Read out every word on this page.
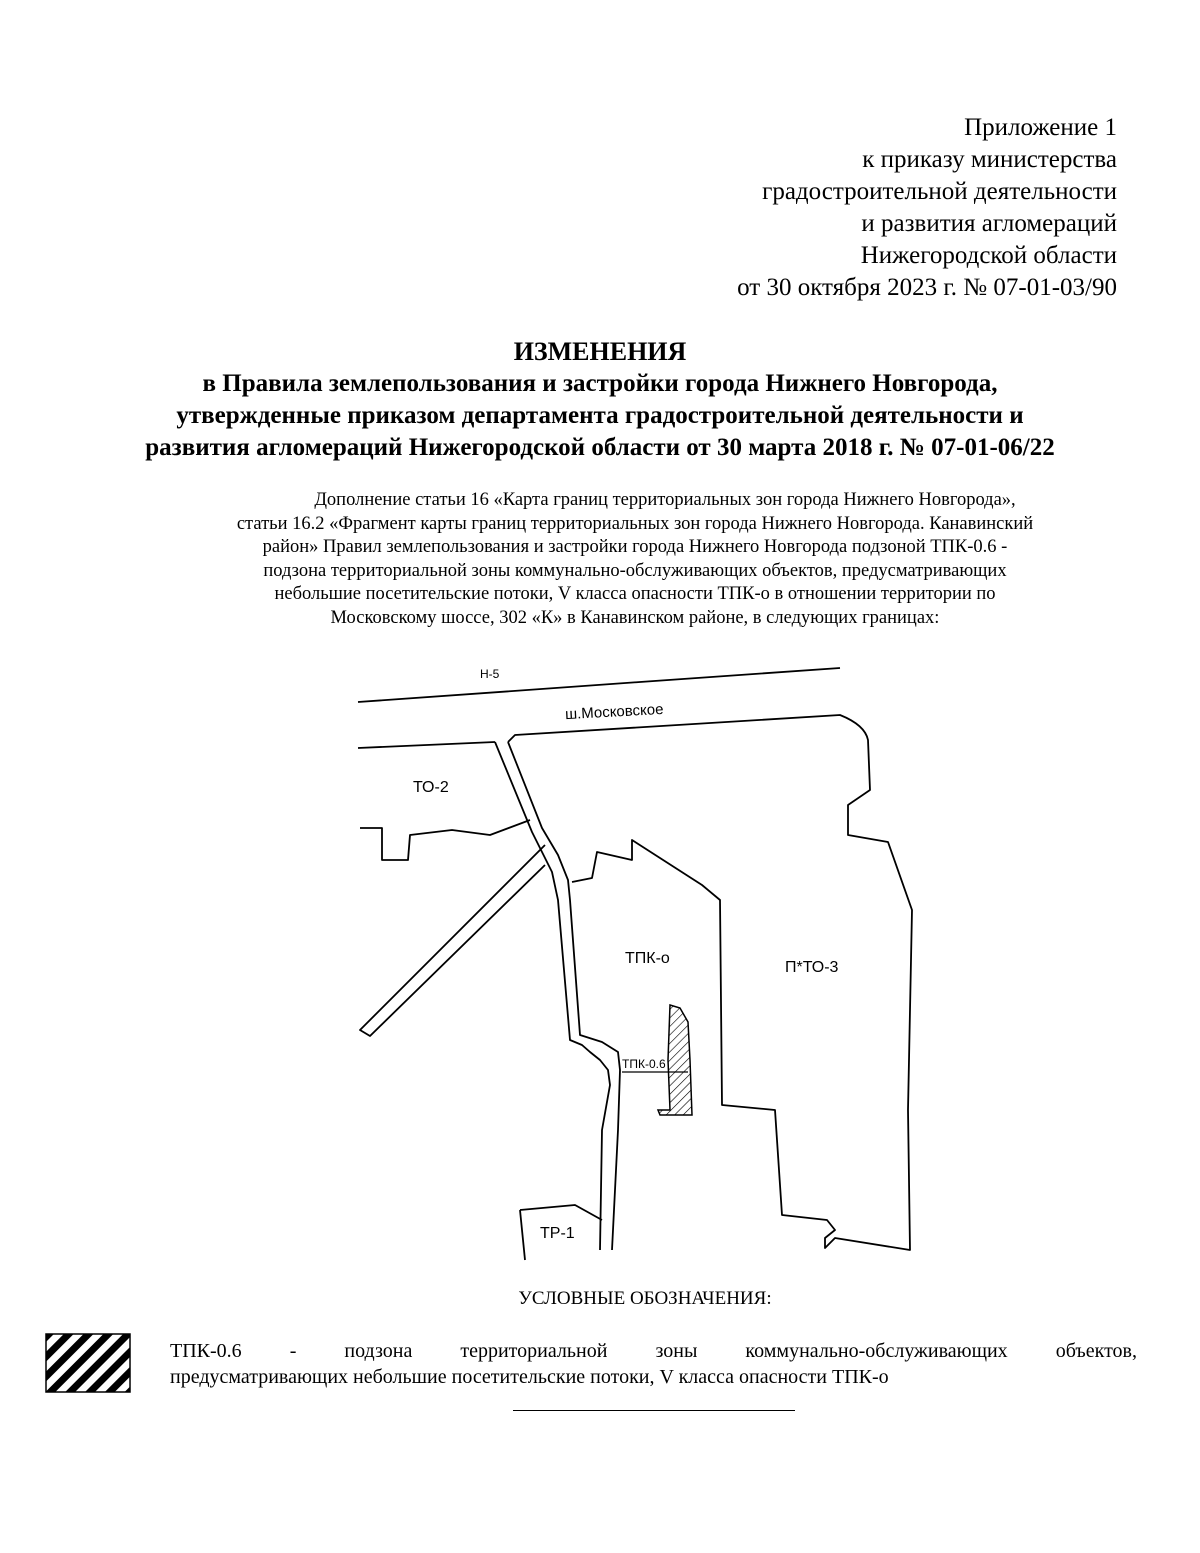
Приложение 1
к приказу министерства
градостроительной деятельности
и развития агломераций
Нижегородской области
от 30 октября 2023 г. № 07-01-03/90
ИЗМЕНЕНИЯ
в Правила землепользования и застройки города Нижнего Новгорода,
утвержденные приказом департамента градостроительной деятельности и
развития агломераций Нижегородской области от 30 марта 2018 г. № 07-01-06/22
Дополнение статьи 16 «Карта границ территориальных зон города Нижнего Новгорода»,
статьи 16.2 «Фрагмент карты границ территориальных зон города Нижнего Новгорода. Канавинский
район» Правил землепользования и застройки города Нижнего Новгорода подзоной ТПК-0.6 -
подзона территориальной зоны коммунально-обслуживающих объектов, предусматривающих
небольшие посетительские потоки, V класса опасности ТПК-о в отношении территории по
Московскому шоссе, 302 «К» в Канавинском районе, в следующих границах:
Н-5
ш.Московское
ТО-2
ТПК-о
П*ТО-3
ТПК-0.6
ТР-1
УСЛОВНЫЕ ОБОЗНАЧЕНИЯ:
ТПК-0.6 - подзона территориальной зоны коммунально-обслуживающих объектов,
предусматривающих небольшие посетительские потоки, V класса опасности ТПК-о
